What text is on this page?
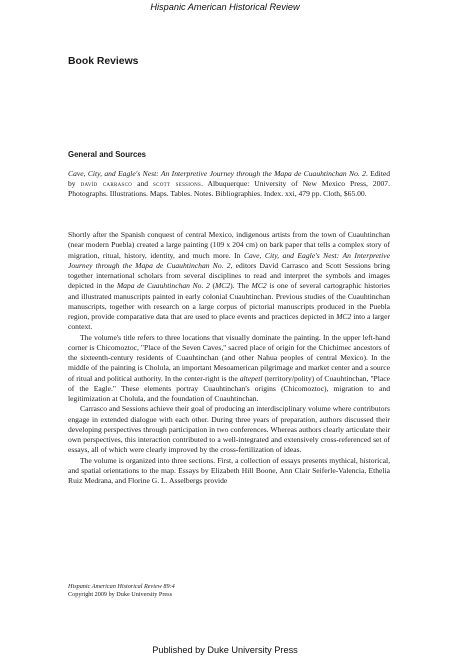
Hispanic American Historical Review
Book Reviews
General and Sources
Cave, City, and Eagle's Nest: An Interpretive Journey through the Mapa de Cuauhtinchan No. 2. Edited by davíd carrasco and scott sessions. Albuquerque: University of New Mexico Press, 2007. Photographs. Illustrations. Maps. Tables. Notes. Bibliographies. Index. xxi, 479 pp. Cloth, $65.00.

Shortly after the Spanish conquest of central Mexico, indigenous artists from the town of Cuauhtinchan (near modern Puebla) created a large painting (109 x 204 cm) on bark paper that tells a complex story of migration, ritual, history, identity, and much more. In Cave, City, and Eagle's Nest: An Interpretive Journey through the Mapa de Cuauhtinchan No. 2, editors Davíd Carrasco and Scott Sessions bring together international scholars from several disciplines to read and interpret the symbols and images depicted in the Mapa de Cuauhtinchan No. 2 (MC2). The MC2 is one of several cartographic histories and illustrated manuscripts painted in early colonial Cuauhtinchan. Previous studies of the Cuauhtinchan manuscripts, together with research on a large corpus of pictorial manuscripts produced in the Puebla region, provide comparative data that are used to place events and practices depicted in MC2 into a larger context.

The volume's title refers to three locations that visually dominate the painting. In the upper left-hand corner is Chicomoztoc, "Place of the Seven Caves," sacred place of origin for the Chichimec ancestors of the sixteenth-century residents of Cuauhtinchan (and other Nahua peoples of central Mexico). In the middle of the painting is Cholula, an important Mesoamerican pilgrimage and market center and a source of ritual and political authority. In the center-right is the altepetl (territory/polity) of Cuauhtinchan, "Place of the Eagle." These elements portray Cuauhtinchan's origins (Chicomoztoc), migration to and legitimization at Cholula, and the foundation of Cuauhtinchan.

Carrasco and Sessions achieve their goal of producing an interdisciplinary volume where contributors engage in extended dialogue with each other. During three years of preparation, authors discussed their developing perspectives through participation in two conferences. Whereas authors clearly articulate their own perspectives, this interaction contributed to a well-integrated and extensively cross-referenced set of essays, all of which were clearly improved by the cross-fertilization of ideas.

The volume is organized into three sections. First, a collection of essays presents mythical, historical, and spatial orientations to the map. Essays by Elizabeth Hill Boone, Ann Clair Seiferle-Valencia, Ethelia Ruiz Medrana, and Florine G. L. Asselbergs provide

Hispanic American Historical Review 89:4
Copyright 2009 by Duke University Press
Published by Duke University Press
